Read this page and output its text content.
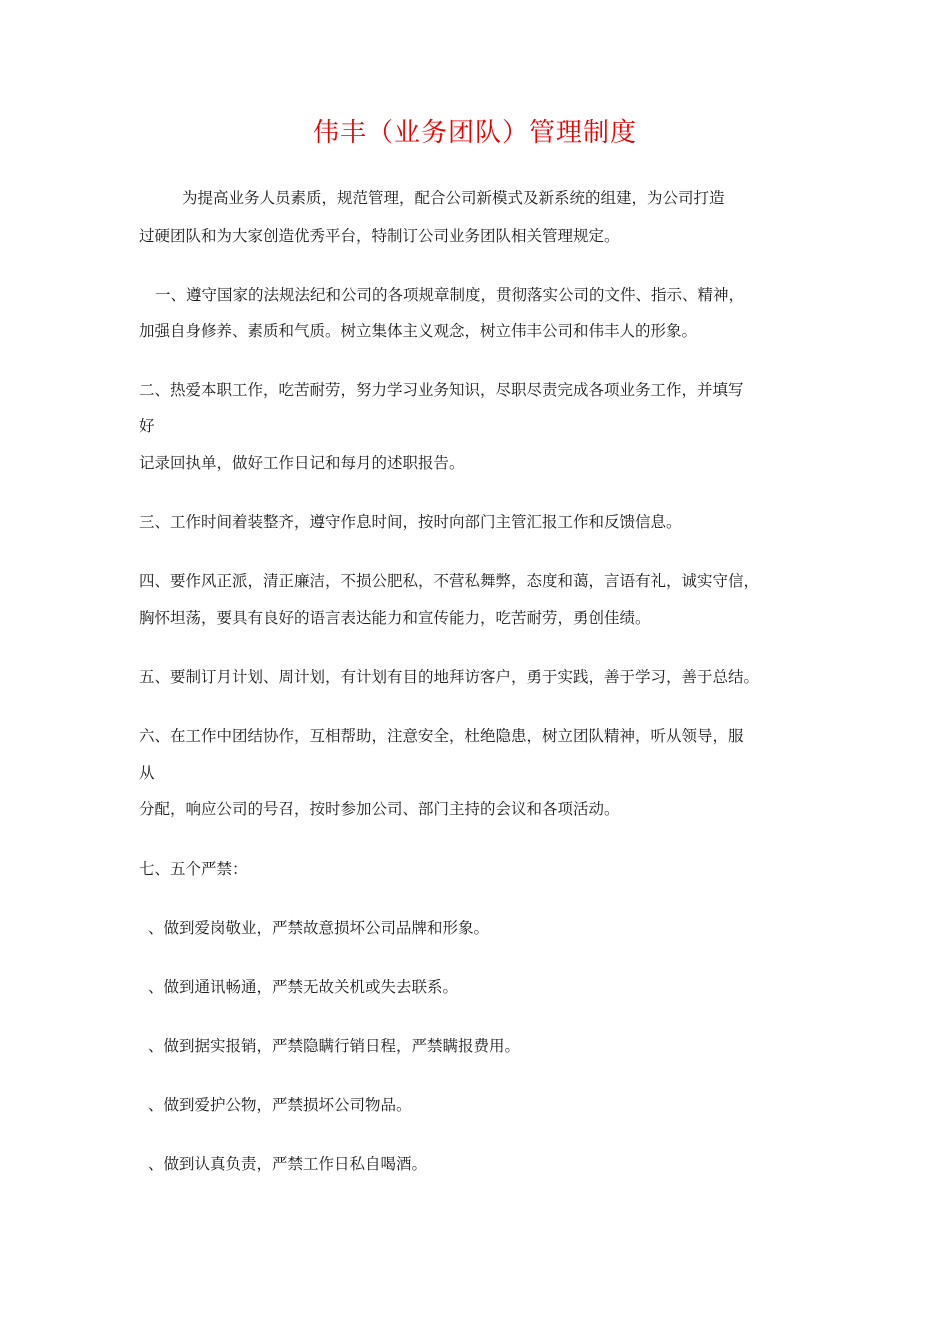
伟丰（业务团队）管理制度
为提高业务人员素质，规范管理，配合公司新模式及新系统的组建，为公司打造
过硬团队和为大家创造优秀平台，特制订公司业务团队相关管理规定。
一、遵守国家的法规法纪和公司的各项规章制度，贯彻落实公司的文件、指示、精神，
加强自身修养、素质和气质。树立集体主义观念，树立伟丰公司和伟丰人的形象。
二、热爱本职工作，吃苦耐劳，努力学习业务知识，尽职尽责完成各项业务工作，并填写
好
记录回执单，做好工作日记和每月的述职报告。
三、工作时间着装整齐，遵守作息时间，按时向部门主管汇报工作和反馈信息。
四、要作风正派，清正廉洁，不损公肥私，不营私舞弊，态度和蔼，言语有礼，诚实守信，
胸怀坦荡，要具有良好的语言表达能力和宣传能力，吃苦耐劳，勇创佳绩。
五、要制订月计划、周计划，有计划有目的地拜访客户，勇于实践，善于学习，善于总结。
六、在工作中团结协作，互相帮助，注意安全，杜绝隐患，树立团队精神，听从领导，服
从
分配，响应公司的号召，按时参加公司、部门主持的会议和各项活动。
七、五个严禁：
、做到爱岗敬业，严禁故意损坏公司品牌和形象。
、做到通讯畅通，严禁无故关机或失去联系。
、做到据实报销，严禁隐瞒行销日程，严禁瞒报费用。
、做到爱护公物，严禁损坏公司物品。
、做到认真负责，严禁工作日私自喝酒。
